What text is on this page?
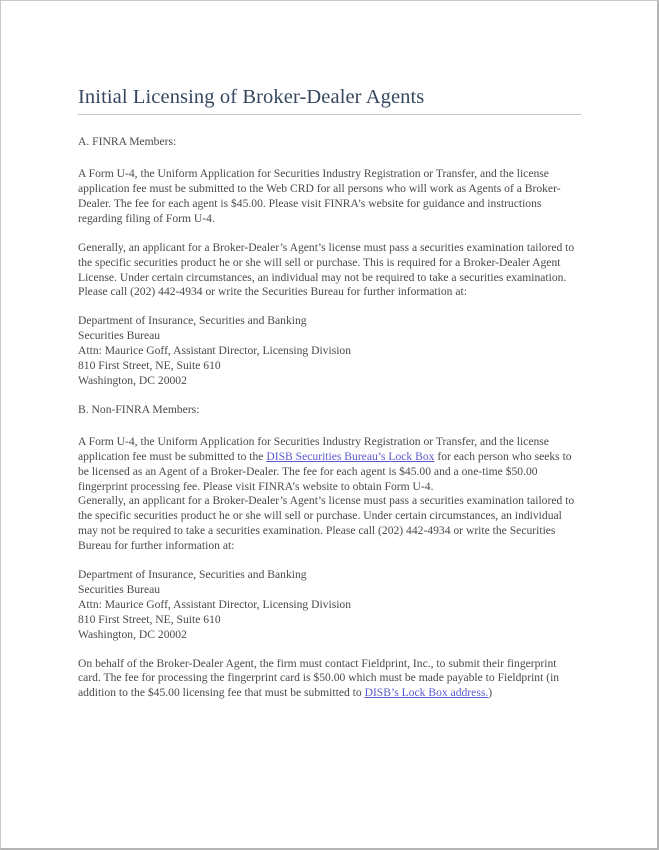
Initial Licensing of Broker-Dealer Agents

A. FINRA Members:

A Form U-4, the Uniform Application for Securities Industry Registration or Transfer, and the license application fee must be submitted to the Web CRD for all persons who will work as Agents of a Broker-Dealer. The fee for each agent is $45.00. Please visit FINRA’s website for guidance and instructions regarding filing of Form U-4.

Generally, an applicant for a Broker-Dealer’s Agent’s license must pass a securities examination tailored to the specific securities product he or she will sell or purchase. This is required for a Broker-Dealer Agent License. Under certain circumstances, an individual may not be required to take a securities examination. Please call (202) 442-4934 or write the Securities Bureau for further information at:

Department of Insurance, Securities and Banking
Securities Bureau
Attn: Maurice Goff, Assistant Director, Licensing Division
810 First Street, NE, Suite 610
Washington, DC 20002

B. Non-FINRA Members:

A Form U-4, the Uniform Application for Securities Industry Registration or Transfer, and the license application fee must be submitted to the DISB Securities Bureau’s Lock Box for each person who seeks to be licensed as an Agent of a Broker-Dealer. The fee for each agent is $45.00 and a one-time $50.00 fingerprint processing fee. Please visit FINRA’s website to obtain Form U-4.

Generally, an applicant for a Broker-Dealer’s Agent’s license must pass a securities examination tailored to the specific securities product he or she will sell or purchase. Under certain circumstances, an individual may not be required to take a securities examination. Please call (202) 442-4934 or write the Securities Bureau for further information at:

Department of Insurance, Securities and Banking
Securities Bureau
Attn: Maurice Goff, Assistant Director, Licensing Division
810 First Street, NE, Suite 610
Washington, DC 20002

On behalf of the Broker-Dealer Agent, the firm must contact Fieldprint, Inc., to submit their fingerprint card. The fee for processing the fingerprint card is $50.00 which must be made payable to Fieldprint (in addition to the $45.00 licensing fee that must be submitted to DISB’s Lock Box address.)
